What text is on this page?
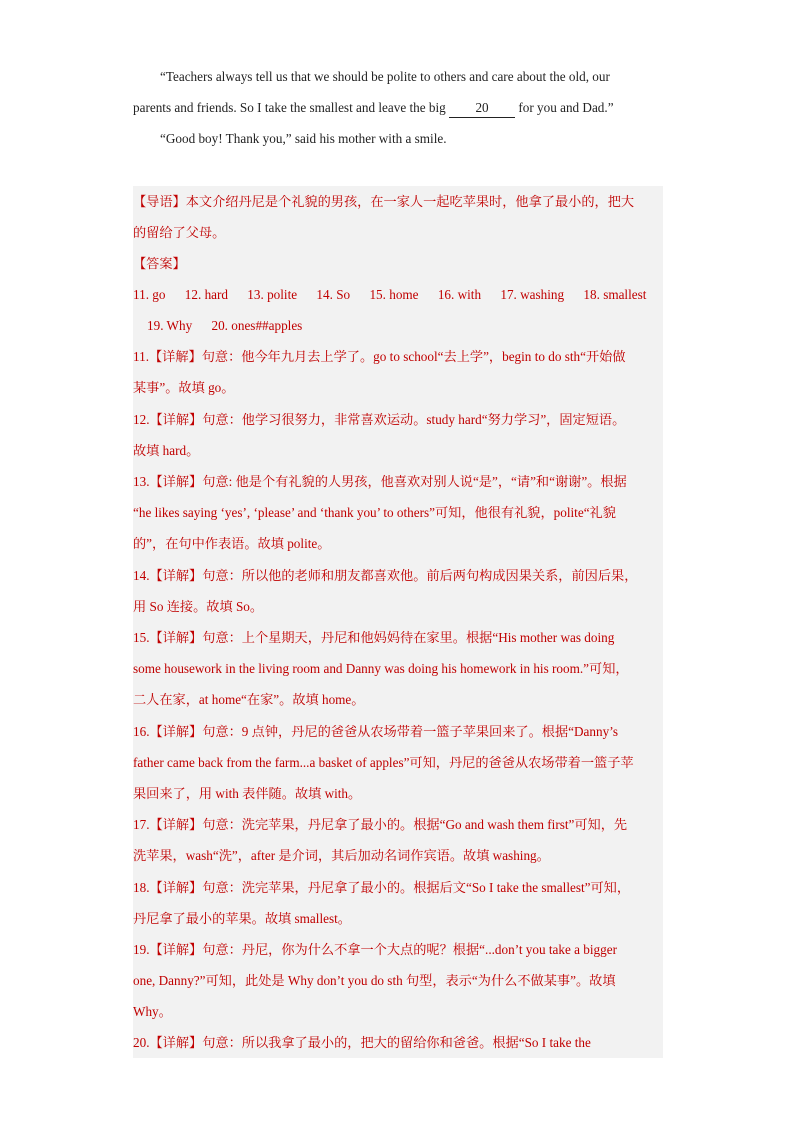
“Teachers always tell us that we should be polite to others and care about the old, our

parents and friends. So I take the smallest and leave the big 20 for you and Dad.”

“Good boy! Thank you,” said his mother with a smile.

【导语】本文介绍丹尼是个礼貌的男孩，在一家人一起吃苹果时，他拿了最小的，把大
的留给了父母。
【答案】
11. go 12. hard 13. polite 14. So 15. home 16. with 17. washing 18. smallest
19. Why 20. ones##apples
11.【详解】句意：他今年九月去上学了。go to school“去上学”，begin to do sth“开始做
某事”。故填 go。
12.【详解】句意：他学习很努力，非常喜欢运动。study hard“努力学习”，固定短语。
故填 hard。
13.【详解】句意: 他是个有礼貌的人男孩，他喜欢对别人说“是”，“请”和“谢谢”。根据
“he likes saying ‘yes’, ‘please’ and ‘thank you’ to others”可知，他很有礼貌，polite“礼貌
的”，在句中作表语。故填 polite。
14.【详解】句意：所以他的老师和朋友都喜欢他。前后两句构成因果关系，前因后果，
用 So 连接。故填 So。
15.【详解】句意：上个星期天，丹尼和他妈妈待在家里。根据“His mother was doing
some housework in the living room and Danny was doing his homework in his room.”可知，
二人在家，at home“在家”。故填 home。
16.【详解】句意：9 点钟，丹尼的爸爸从农场带着一篮子苹果回来了。根据“Danny’s
father came back from the farm...a basket of apples”可知，丹尼的爸爸从农场带着一篮子苹
果回来了，用 with 表伴随。故填 with。
17.【详解】句意：洗完苹果，丹尼拿了最小的。根据“Go and wash them first”可知，先
洗苹果，wash“洗”，after 是介词，其后加动名词作宾语。故填 washing。
18.【详解】句意：洗完苹果，丹尼拿了最小的。根据后文“So I take the smallest”可知，
丹尼拿了最小的苹果。故填 smallest。
19.【详解】句意：丹尼，你为什么不拿一个大点的呢？根据“...don’t you take a bigger
one, Danny?”可知，此处是 Why don’t you do sth 句型，表示“为什么不做某事”。故填
Why。
20.【详解】句意：所以我拿了最小的，把大的留给你和爸爸。根据“So I take the
